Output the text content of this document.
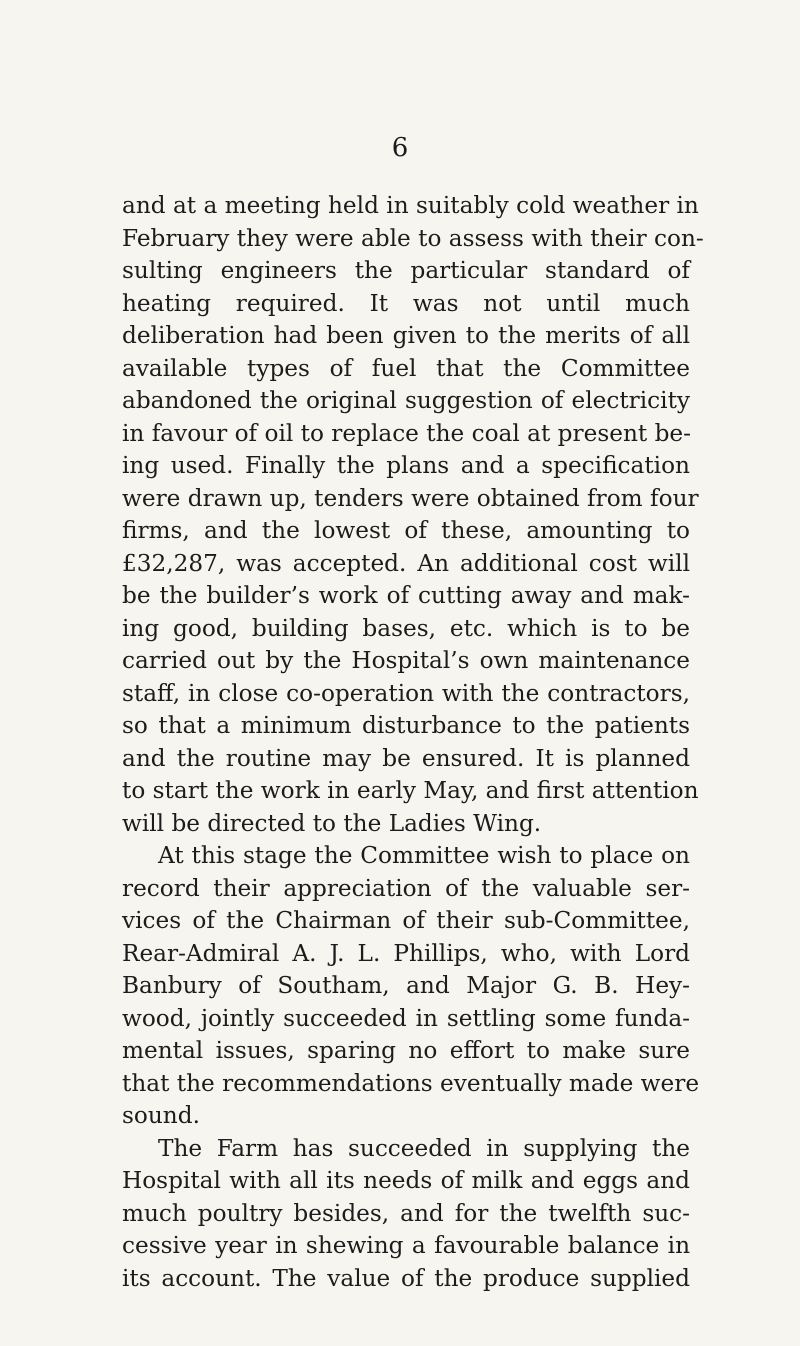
6
and at a meeting held in suitably cold weather in
February they were able to assess with their con-
sulting engineers the particular standard of
heating required. It was not until much
deliberation had been given to the merits of all
available types of fuel that the Committee
abandoned the original suggestion of electricity
in favour of oil to replace the coal at present be-
ing used. Finally the plans and a specification
were drawn up, tenders were obtained from four
firms, and the lowest of these, amounting to
£32,287, was accepted. An additional cost will
be the builder’s work of cutting away and mak-
ing good, building bases, etc. which is to be
carried out by the Hospital’s own maintenance
staff, in close co-operation with the contractors,
so that a minimum disturbance to the patients
and the routine may be ensured. It is planned
to start the work in early May, and first attention
will be directed to the Ladies Wing.
At this stage the Committee wish to place on
record their appreciation of the valuable ser-
vices of the Chairman of their sub-Committee,
Rear-Admiral A. J. L. Phillips, who, with Lord
Banbury of Southam, and Major G. B. Hey-
wood, jointly succeeded in settling some funda-
mental issues, sparing no effort to make sure
that the recommendations eventually made were
sound.
The Farm has succeeded in supplying the
Hospital with all its needs of milk and eggs and
much poultry besides, and for the twelfth suc-
cessive year in shewing a favourable balance in
its account. The value of the produce supplied
